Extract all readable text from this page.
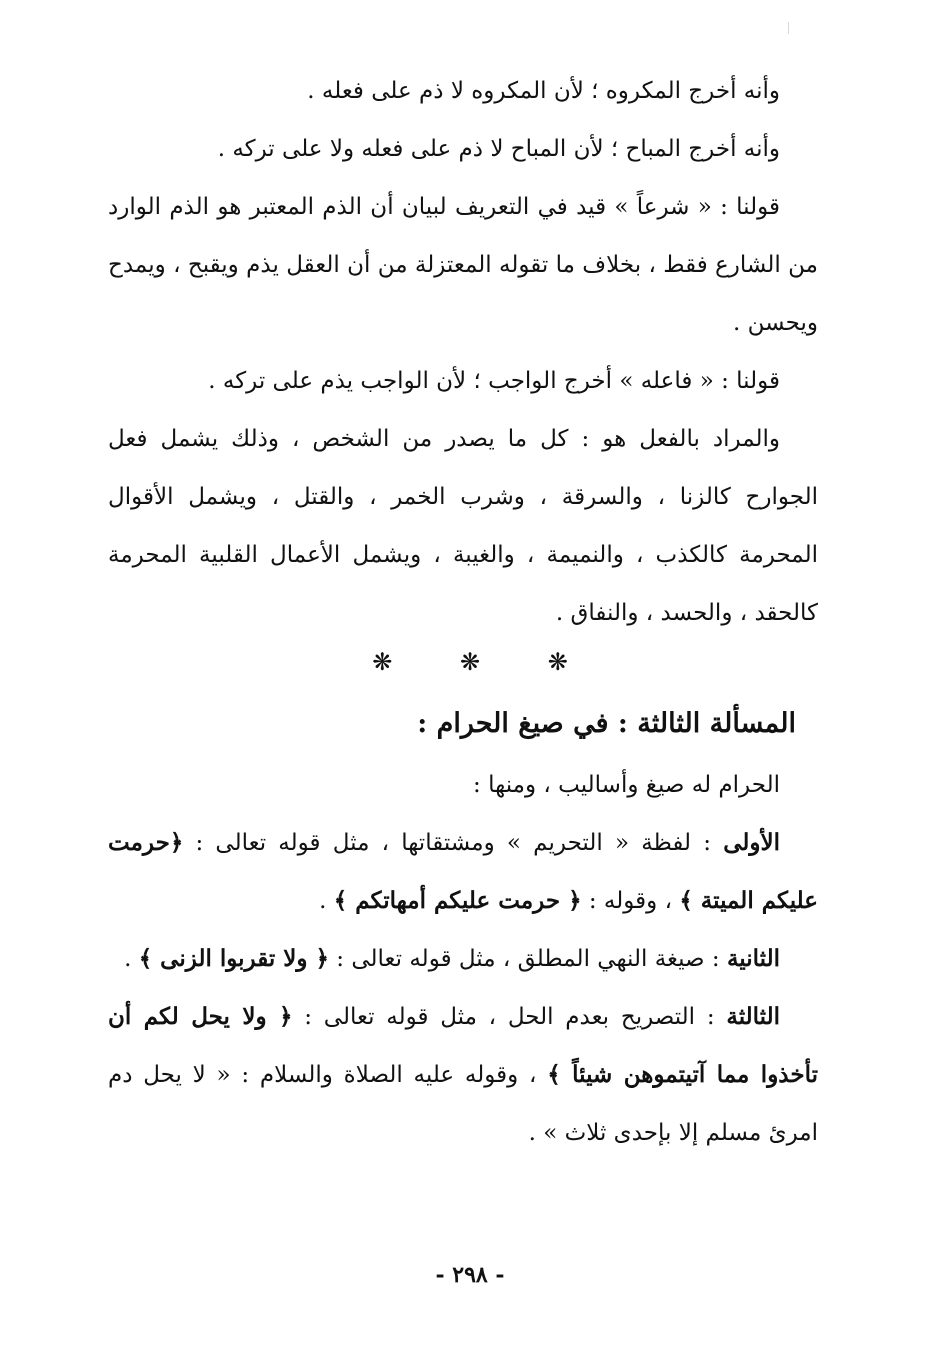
وأنه أخرج المكروه ؛ لأن المكروه لا ذم على فعله .

وأنه أخرج المباح ؛ لأن المباح لا ذم على فعله ولا على تركه .

قولنا : « شرعاً » قيد في التعريف لبيان أن الذم المعتبر هو الذم الوارد من الشارع فقط ، بخلاف ما تقوله المعتزلة من أن العقل يذم ويقبح ، ويمدح ويحسن .

قولنا : « فاعله » أخرج الواجب ؛ لأن الواجب يذم على تركه .

والمراد بالفعل هو : كل ما يصدر من الشخص ، وذلك يشمل فعل الجوارح كالزنا ، والسرقة ، وشرب الخمر ، والقتل ، ويشمل الأقوال المحرمة كالكذب ، والنميمة ، والغيبة ، ويشمل الأعمال القلبية المحرمة كالحقد ، والحسد ، والنفاق .

❋ ❋ ❋
المسألة الثالثة : في صيغ الحرام :

الحرام له صيغ وأساليب ، ومنها :

الأولى : لفظة « التحريم » ومشتقاتها ، مثل قوله تعالى : ﴿حرمت عليكم الميتة ﴾ ، وقوله : ﴿ حرمت عليكم أمهاتكم ﴾ .

الثانية : صيغة النهي المطلق ، مثل قوله تعالى : ﴿ ولا تقربوا الزنى ﴾ .

الثالثة : التصريح بعدم الحل ، مثل قوله تعالى : ﴿ ولا يحل لكم أن تأخذوا مما آتيتموهن شيئاً ﴾ ، وقوله عليه الصلاة والسلام : « لا يحل دم امرئ مسلم إلا بإحدى ثلاث » .

- ٢٩٨ -
